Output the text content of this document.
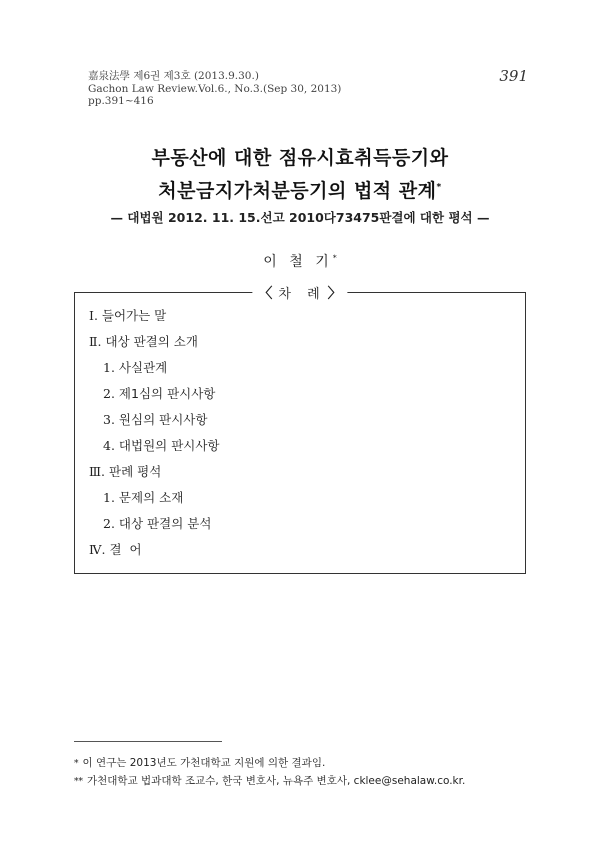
嘉泉法學 제6권 제3호 (2013.9.30.)
Gachon Law Review.Vol.6., No.3.(Sep 30, 2013)
pp.391~416
391
부동산에 대한 점유시효취득등기와
처분금지가처분등기의 법적 관계*
— 대법원 2012. 11. 15.선고 2010다73475판결에 대한 평석 —
이 철 기*
〈 차 례 〉
Ⅰ. 들어가는 말
Ⅱ. 대상 판결의 소개
1. 사실관계
2. 제1심의 판시사항
3. 원심의 판시사항
4. 대법원의 판시사항
Ⅲ. 판례 평석
1. 문제의 소재
2. 대상 판결의 분석
Ⅳ. 결  어
* 이 연구는 2013년도 가천대학교 지원에 의한 결과임.
** 가천대학교 법과대학 조교수, 한국 변호사, 뉴욕주 변호사, cklee@sehalaw.co.kr.
